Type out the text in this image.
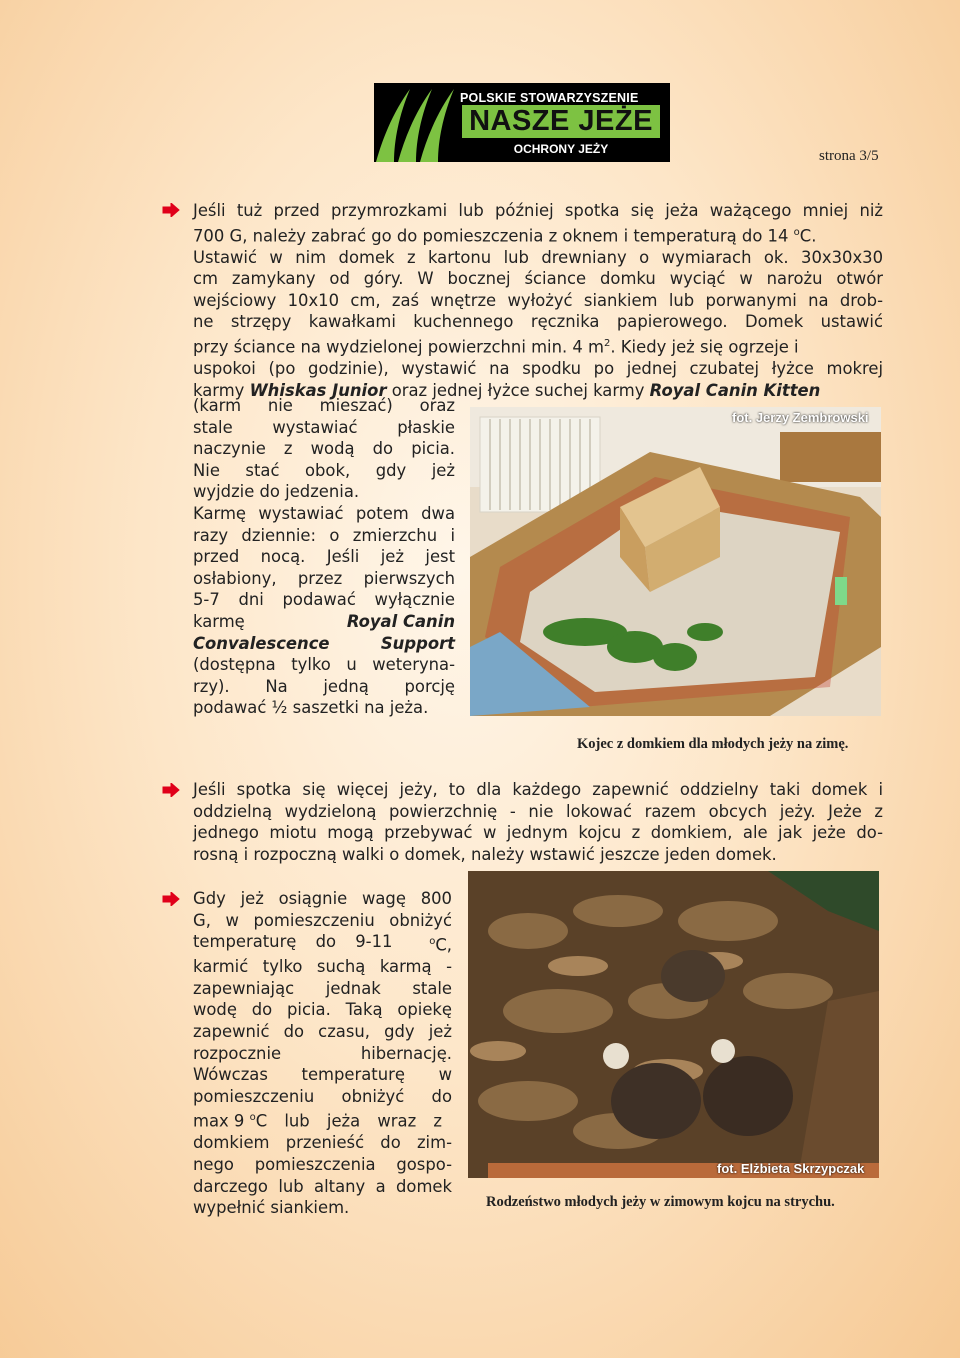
POLSKIE STOWARZYSZENIE
NASZE JEŻE
OCHRONY JEŻY	strona 3/5
Jeśli tuż przed przymrozkami lub później spotka się jeża ważącego mniej niż
700 G, należy zabrać go do pomieszczenia z oknem i temperaturą do 14 $^o$C.
Ustawić w nim domek z kartonu lub drewniany o wymiarach ok. 30x30x30
cm zamykany od góry. W bocznej ściance domku wyciąć w narożu otwór
wejściowy 10x10 cm, zaś wnętrze wyłożyć siankiem lub porwanymi na drob-
ne strzępy kawałkami kuchennego ręcznika papierowego. Domek ustawić
przy ściance na wydzielonej powierzchni min. 4 $m^2$. Kiedy jeż się ogrzeje i
uspokoi (po godzinie), wystawić na spodku po jednej czubatej łyżce mokrej
karmy Whiskas Junior oraz jednej łyżce suchej karmy Royal Canin Kitten
(karm nie mieszać) oraz
stale wystawiać płaskie
naczynie z wodą do picia.
Nie stać obok, gdy jeż
wyjdzie do jedzenia.
Karmę wystawiać potem dwa
razy dziennie: o zmierzchu i
przed nocą. Jeśli jeż jest
osłabiony, przez pierwszych
5-7 dni podawać wyłącznie
karmę	Royal Canin
Convalescence Support
(dostępna tylko u weteryna-
rzy). Na jedną porcję
podawać ½ saszetki na jeża.
fot. Jerzy Zembrowski
Kojec z domkiem dla młodych jeży na zimę.
Jeśli spotka się więcej jeży, to dla każdego zapewnić oddzielny taki domek i
oddzielną wydzieloną powierzchnię - nie lokować razem obcych jeży. Jeże z
jednego miotu mogą przebywać w jednym kojcu z domkiem, ale jak jeże do-
rosną i rozpoczną walki o domek, należy wstawić jeszcze jeden domek.
Gdy jeż osiągnie wagę 800
G, w pomieszczeniu obniżyć
temperaturę do 9-11	$^o$C,
karmić tylko suchą karmą -
zapewniając jednak stale
wodę do picia. Taką opiekę
zapewnić do czasu, gdy jeż
rozpocznie hibernację.
Wówczas temperaturę w
pomieszczeniu obniżyć do
max 9 $^o$C lub jeża wraz z
domkiem przenieść do zim-
nego pomieszczenia gospo-
darczego lub altany a domek
wypełnić siankiem.
fot. Elżbieta Skrzypczak
Rodzeństwo młodych jeży w zimowym kojcu na strychu.
